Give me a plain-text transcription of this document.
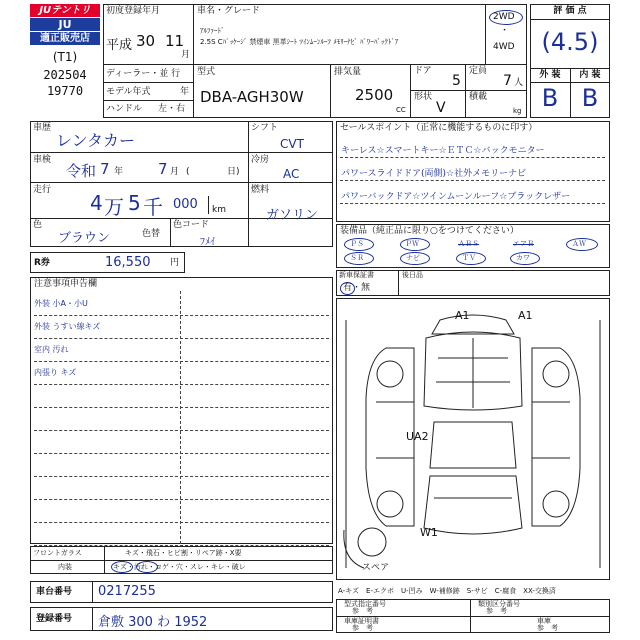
JUテントリ
JU
適正販売店
(T1)
202504
19770
初度登録年月
平成 30 11
月
車名・グレード
ｱﾙﾌｧｰﾄﾞ
2.5S Cﾊﾟｯｹｰｼﾞ 禁煙車 黒革ｼｰﾄ ﾂｲﾝﾑｰﾝﾙｰﾌ ﾒﾓﾘｰﾅﾋﾞ ﾊﾟﾜｰﾊﾞｯｸﾄﾞｱ
2WD
・
4WD
ディーラー・並 行
モデル年式	年
ハンドル 左・右
型式
DBA-AGH30W
排気量
2500
CC
ドア
5
定員
7 人
形状
V
積載
kg
評 価 点
(4.5)
外 装	内 装
B B
車歴
レンタカー
車検
令和 7 年 7 月 (	日)
走行
4 万 5 千 000 km
色
ブラウン	色替
色コード
ﾌﾒｲ
シフト
CVT
冷房
AC
燃料
ガソリン
R券	16,550 円
セールスポイント（正常に機能するものに印す）
キーレス☆スマートキー☆ＥＴＣ☆バックモニター
パワースライドドア(両側)☆社外メモリーナビ
パワーバックドア☆ツインムーンルーフ☆ブラックレザー
装備品（純正品に限り○をつけてください）
ＰＳ	ＰＷ	ＡＢＳ	エアＢ	ＡＷ
ＳＲ	ナビ	ＴＶ	カワ
新車保証書
有・無
後日品
注意事項申告欄
外装 小A・小U
外装 うすい線キズ
室内 汚れ
内張り キズ
A1	A1
UA2
W1
スペア
フロントガラス	キズ・飛石・ヒビ割・リペア跡・X要
内装	キズ・汚れ・コゲ・穴・スレ・キレ・破レ
車台番号 0217255
登録番号 倉敷 300 わ 1952
A-キズ　E-エクボ　U-凹み　W-補修跡　S-サビ　C-腐食　XX-交換済
型式指定番号
参　考
類別区分番号
参　考
車庫証明書
参　考
車庫
参　考
